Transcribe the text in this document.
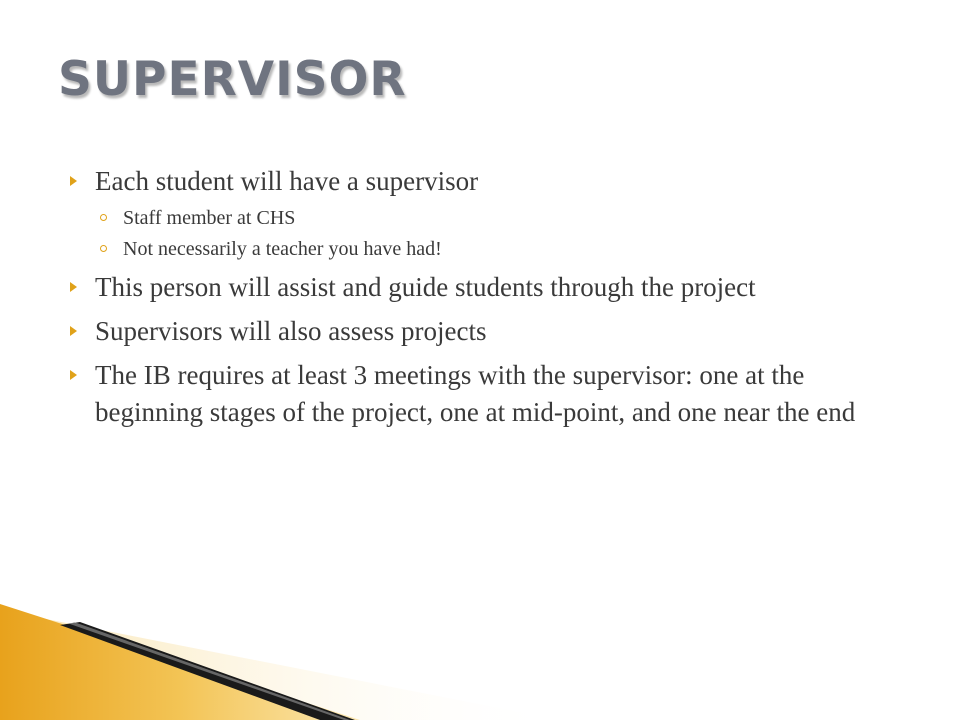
SUPERVISOR
Each student will have a supervisor
Staff member at CHS
Not necessarily a teacher you have had!
This person will assist and guide students through the project
Supervisors will also assess projects
The IB requires at least 3 meetings with the supervisor: one at the beginning stages of the project, one at mid-point, and one near the end
